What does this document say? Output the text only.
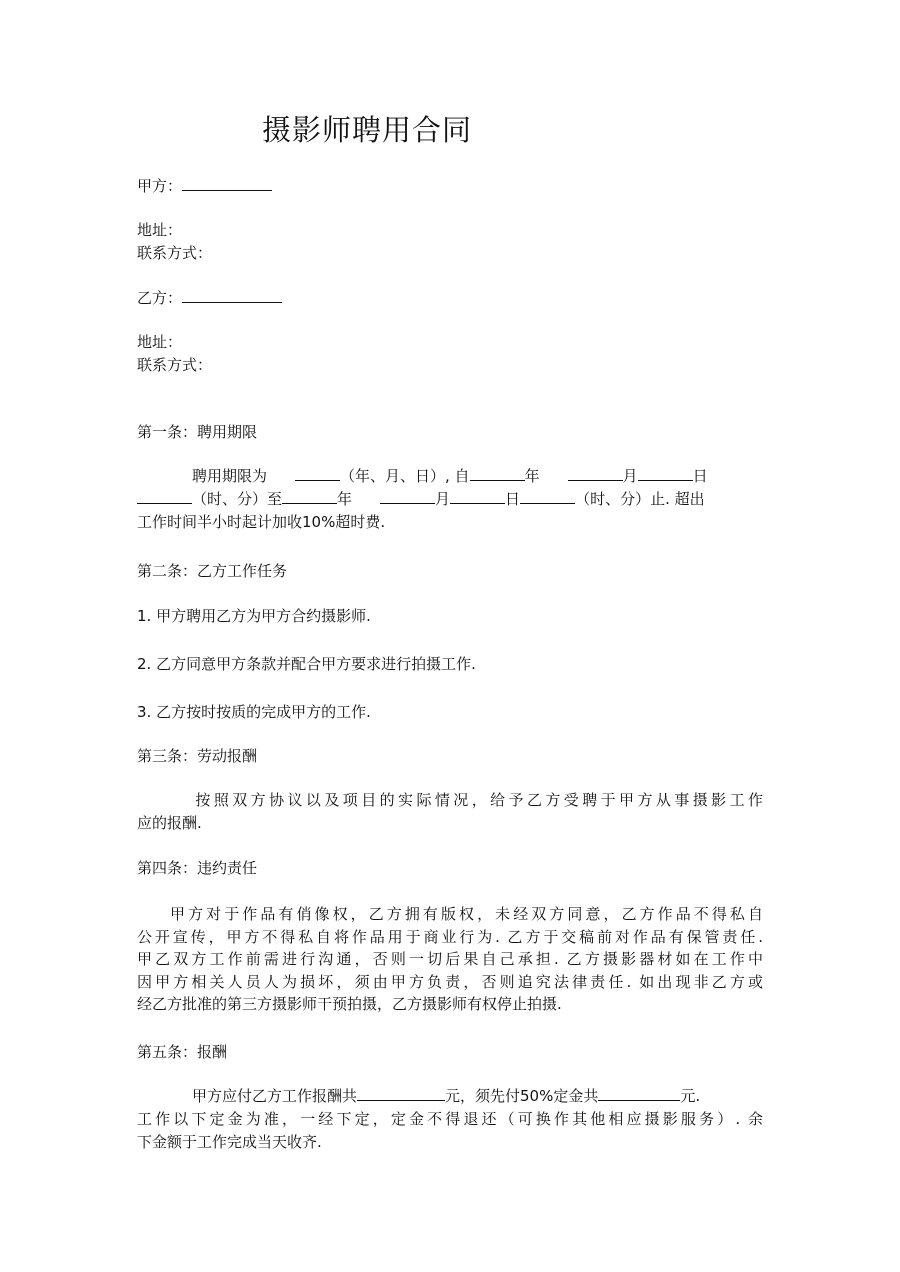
摄影师聘用合同
甲方：
地址：
联系方式：
乙方：
地址：
联系方式：
第一条：聘用期限
聘用期限为	（年、月、日）, 自	年	月	日
（时、分）至	年	月	日	（时、分）止. 超出
工作时间半小时起计加收10%超时费.
第二条：乙方工作任务
1. 甲方聘用乙方为甲方合约摄影师.
2. 乙方同意甲方条款并配合甲方要求进行拍摄工作.
3. 乙方按时按质的完成甲方的工作.
第三条：劳动报酬
按照双方协议以及项目的实际情况，给予乙方受聘于甲方从事摄影工作
应的报酬.
第四条：违约责任
甲方对于作品有俏像权，乙方拥有版权，未经双方同意，乙方作品不得私自
公开宣传，甲方不得私自将作品用于商业行为. 乙方于交稿前对作品有保管责任.
甲乙双方工作前需进行沟通，否则一切后果自己承担. 乙方摄影器材如在工作中
因甲方相关人员人为损坏，须由甲方负责，否则追究法律责任. 如出现非乙方或
经乙方批准的第三方摄影师干预拍摄，乙方摄影师有权停止拍摄.
第五条：报酬
甲方应付乙方工作报酬共	元，须先付50%定金共	元.
工作以下定金为准，一经下定，定金不得退还（可换作其他相应摄影服务）. 余
下金额于工作完成当天收齐.
